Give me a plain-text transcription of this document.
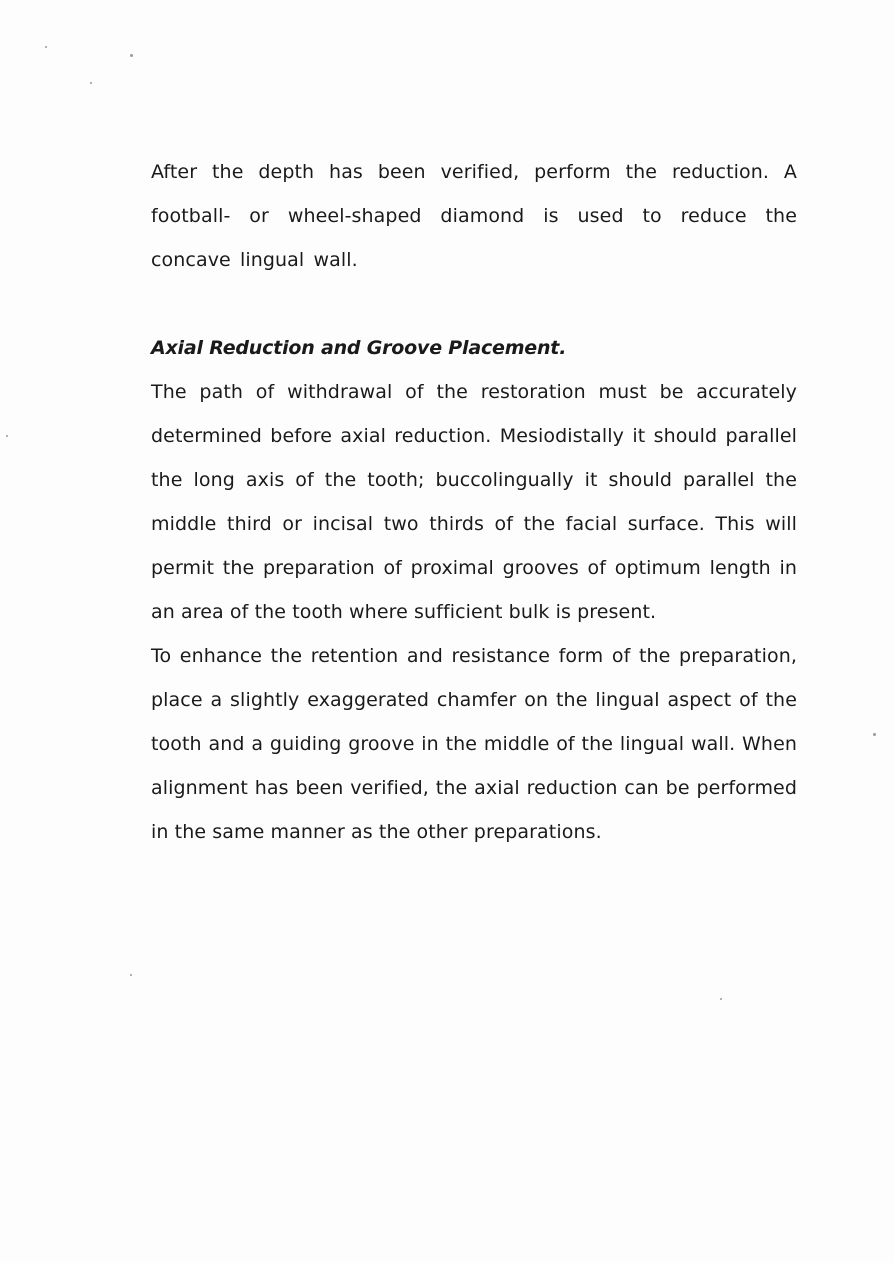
After the depth has been verified, perform the reduction. A football- or wheel-shaped diamond is used to reduce the concave lingual wall.

Axial Reduction and Groove Placement.

The path of withdrawal of the restoration must be accurately determined before axial reduction. Mesiodistally it should parallel the long axis of the tooth; buccolingually it should parallel the middle third or incisal two thirds of the facial surface. This will permit the preparation of proximal grooves of optimum length in an area of the tooth where sufficient bulk is present.

To enhance the retention and resistance form of the preparation, place a slightly exaggerated chamfer on the lingual aspect of the tooth and a guiding groove in the middle of the lingual wall. When alignment has been verified, the axial reduction can be performed in the same manner as the other preparations.
